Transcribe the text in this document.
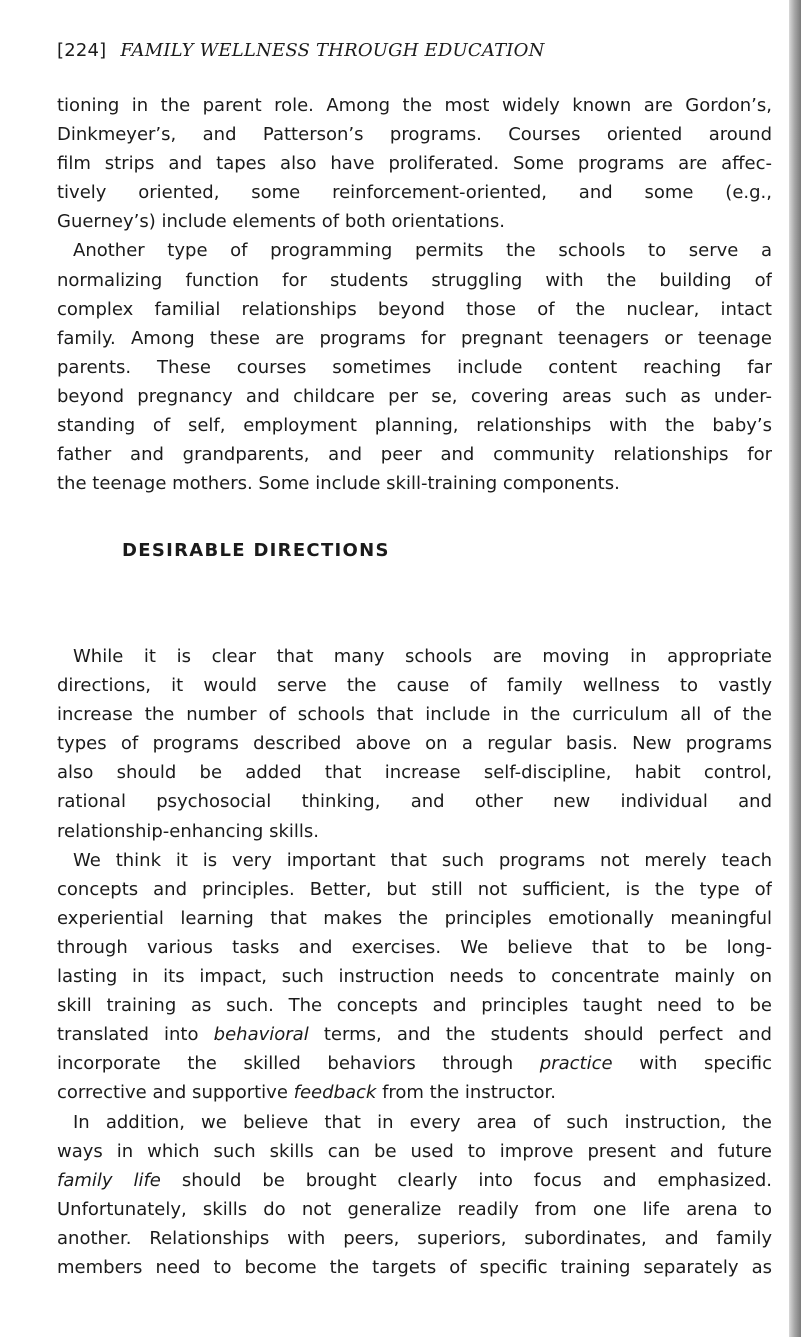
[224] FAMILY WELLNESS THROUGH EDUCATION
tioning in the parent role. Among the most widely known are Gordon’s,
Dinkmeyer’s, and Patterson’s programs. Courses oriented around
film strips and tapes also have proliferated. Some programs are affec-
tively oriented, some reinforcement-oriented, and some (e.g.,
Guerney’s) include elements of both orientations.
Another type of programming permits the schools to serve a
normalizing function for students struggling with the building of
complex familial relationships beyond those of the nuclear, intact
family. Among these are programs for pregnant teenagers or teenage
parents. These courses sometimes include content reaching far
beyond pregnancy and childcare per se, covering areas such as under-
standing of self, employment planning, relationships with the baby’s
father and grandparents, and peer and community relationships for
the teenage mothers. Some include skill-training components.
DESIRABLE DIRECTIONS
While it is clear that many schools are moving in appropriate
directions, it would serve the cause of family wellness to vastly
increase the number of schools that include in the curriculum all of the
types of programs described above on a regular basis. New programs
also should be added that increase self-discipline, habit control,
rational psychosocial thinking, and other new individual and
relationship-enhancing skills.
We think it is very important that such programs not merely teach
concepts and principles. Better, but still not sufficient, is the type of
experiential learning that makes the principles emotionally meaningful
through various tasks and exercises. We believe that to be long-
lasting in its impact, such instruction needs to concentrate mainly on
skill training as such. The concepts and principles taught need to be
translated into behavioral terms, and the students should perfect and
incorporate the skilled behaviors through practice with specific
corrective and supportive feedback from the instructor.
In addition, we believe that in every area of such instruction, the
ways in which such skills can be used to improve present and future
family life should be brought clearly into focus and emphasized.
Unfortunately, skills do not generalize readily from one life arena to
another. Relationships with peers, superiors, subordinates, and family
members need to become the targets of specific training separately as
